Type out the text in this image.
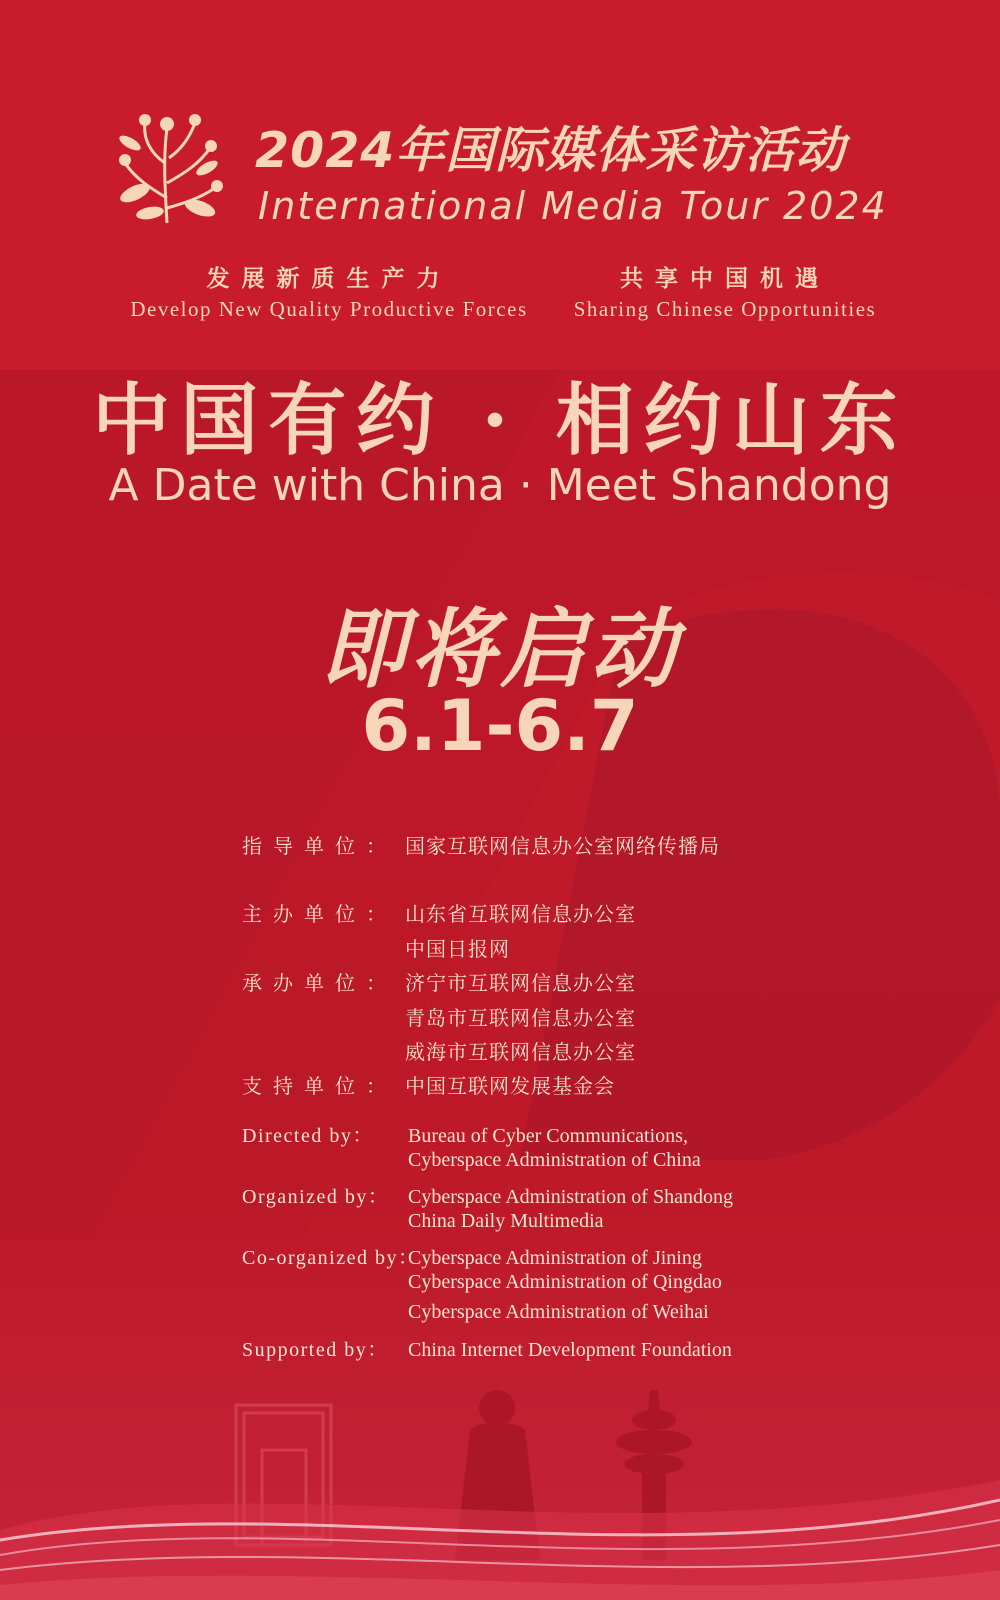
2024年国际媒体采访活动
International Media Tour 2024
发展新质生产力
Develop New Quality Productive Forces
共享中国机遇
Sharing Chinese Opportunities
中国有约 · 相约山东
A Date with China · Meet Shandong
即将启动
6.1-6.7
指导单位： 国家互联网信息办公室网络传播局
主办单位： 山东省互联网信息办公室
中国日报网
承办单位： 济宁市互联网信息办公室
青岛市互联网信息办公室
威海市互联网信息办公室
支持单位： 中国互联网发展基金会
Directed by： Bureau of Cyber Communications,
Cyberspace Administration of China
Organized by： Cyberspace Administration of Shandong
China Daily Multimedia
Co-organized by：Cyberspace Administration of Jining
Cyberspace Administration of Qingdao
Cyberspace Administration of Weihai
Supported by： China Internet Development Foundation
